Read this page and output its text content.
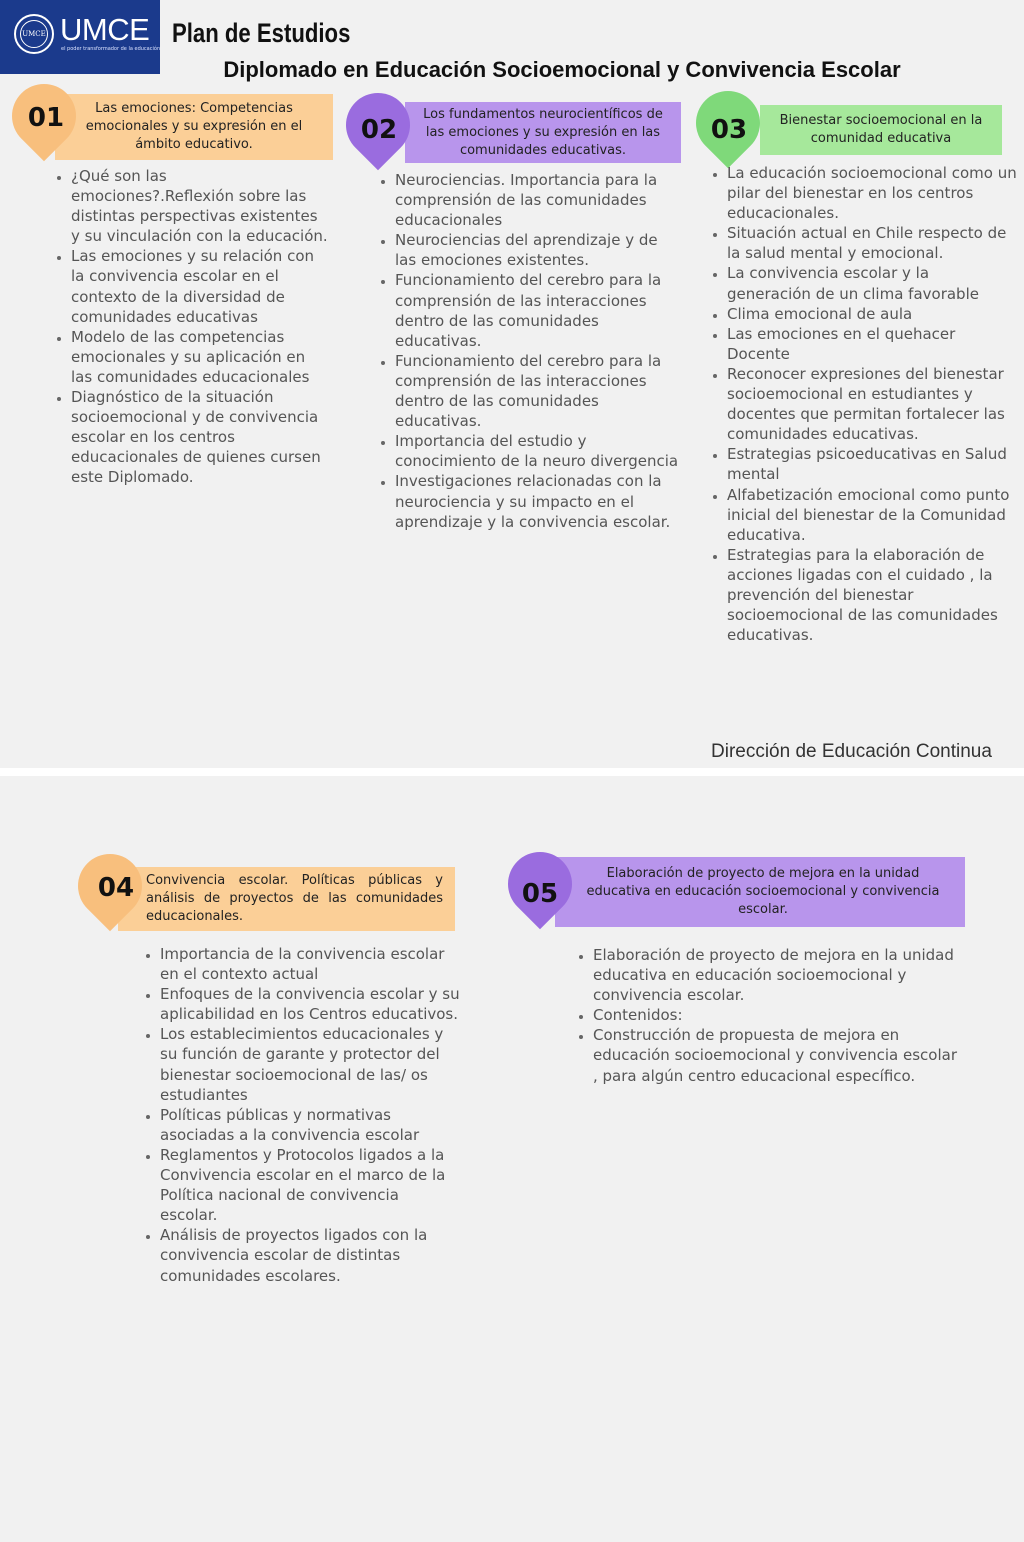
UMCE UMCE
el poder transformador de la educación
Plan de Estudios
Diplomado en Educación Socioemocional y Convivencia Escolar
Las emociones: Competencias emocionales y su expresión en el ámbito educativo.
01
• ¿Qué son las emociones?.Reflexión sobre las distintas perspectivas existentes y su vinculación con la educación.
• Las emociones y su relación con la convivencia escolar en el contexto de la diversidad de comunidades educativas
• Modelo de las competencias emocionales y su aplicación en las comunidades educacionales
• Diagnóstico de la situación socioemocional y de convivencia escolar en los centros educacionales de quienes cursen este Diplomado.
Los fundamentos neurocientíficos de las emociones y su expresión en las comunidades educativas.
02
• Neurociencias. Importancia para la comprensión de las comunidades educacionales
• Neurociencias del aprendizaje y de las emociones existentes.
• Funcionamiento del cerebro para la comprensión de las interacciones dentro de las comunidades educativas.
• Funcionamiento del cerebro para la comprensión de las interacciones dentro de las comunidades educativas.
• Importancia del estudio y conocimiento de la neuro divergencia
• Investigaciones relacionadas con la neurociencia y su impacto en el aprendizaje y la convivencia escolar.
Bienestar socioemocional en la comunidad educativa
03
• La educación socioemocional como un pilar del bienestar en los centros educacionales.
• Situación actual en Chile respecto de la salud mental y emocional.
• La convivencia escolar y la generación de un clima favorable
• Clima emocional de aula
• Las emociones en el quehacer Docente
• Reconocer expresiones del bienestar socioemocional en estudiantes y docentes que permitan fortalecer las comunidades educativas.
• Estrategias psicoeducativas en Salud mental
• Alfabetización emocional como punto inicial del bienestar de la Comunidad educativa.
• Estrategias para la elaboración de acciones ligadas con el cuidado , la prevención del bienestar socioemocional de las comunidades educativas.
Dirección de Educación Continua
Convivencia escolar. Políticas públicas y análisis de proyectos de las comunidades educacionales.
04
• Importancia de la convivencia escolar en el contexto actual
• Enfoques de la convivencia escolar y su aplicabilidad en los Centros educativos.
• Los establecimientos educacionales y su función de garante y protector del bienestar socioemocional de las/ os estudiantes
• Políticas públicas y normativas asociadas a la convivencia escolar
• Reglamentos y Protocolos ligados a la Convivencia escolar en el marco de la Política nacional de convivencia escolar.
• Análisis de proyectos ligados con la convivencia escolar de distintas comunidades escolares.
Elaboración de proyecto de mejora en la unidad educativa en educación socioemocional y convivencia escolar.
05
• Elaboración de proyecto de mejora en la unidad educativa en educación socioemocional y convivencia escolar.
• Contenidos:
• Construcción de propuesta de mejora en educación socioemocional y convivencia escolar , para algún centro educacional específico.
